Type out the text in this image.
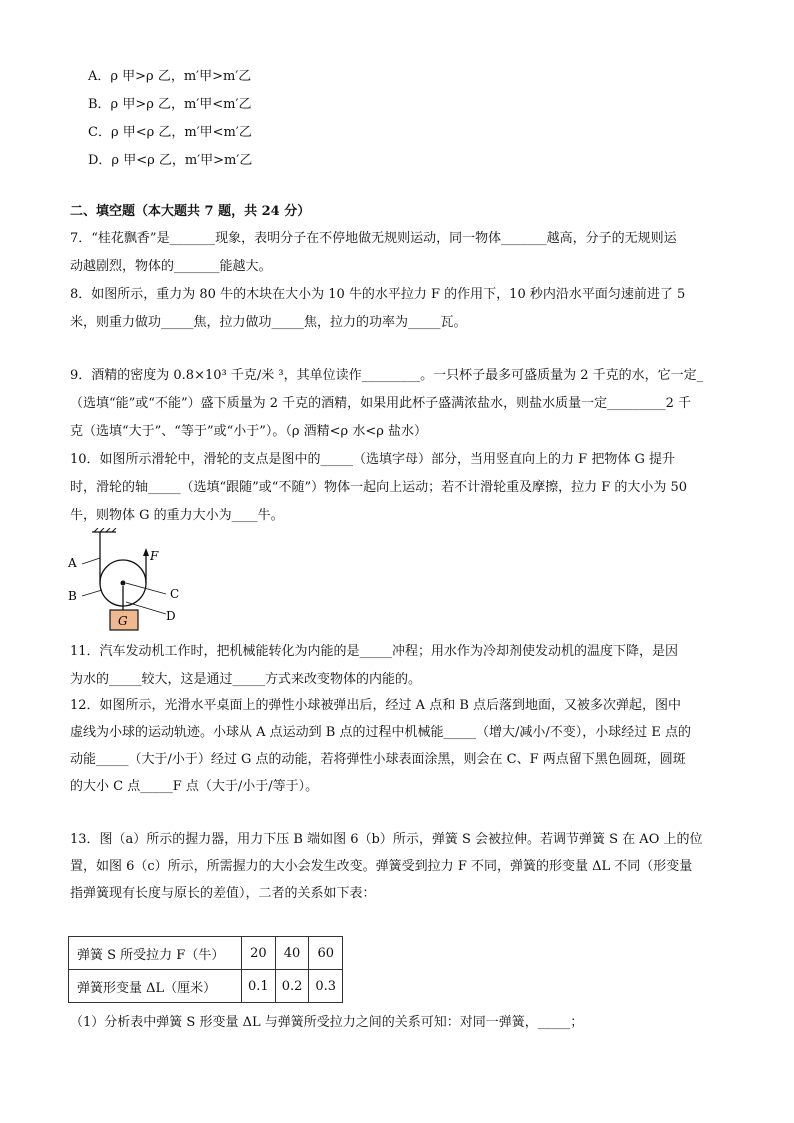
A．ρ 甲>ρ 乙，m′甲>m′乙
B．ρ 甲>ρ 乙，m′甲<m′乙
C．ρ 甲<ρ 乙，m′甲<m′乙
D．ρ 甲<ρ 乙，m′甲>m′乙
二、填空题（本大题共 7 题，共 24 分）
7．“桂花飘香”是_______现象，表明分子在不停地做无规则运动，同一物体_______越高，分子的无规则运
动越剧烈，物体的_______能越大。
8．如图所示，重力为 80 牛的木块在大小为 10 牛的水平拉力 F 的作用下，10 秒内沿水平面匀速前进了 5
米，则重力做功_____焦，拉力做功_____焦，拉力的功率为_____瓦。
9．酒精的密度为 0.8×10³ 千克/米 ³，其单位读作_________。一只杯子最多可盛质量为 2 千克的水，它一定_
（选填“能”或“不能”）盛下质量为 2 千克的酒精，如果用此杯子盛满浓盐水，则盐水质量一定_________2 千
克（选填“大于”、“等于”或“小于”）。（ρ 酒精<ρ 水<ρ 盐水）
10．如图所示滑轮中，滑轮的支点是图中的_____（选填字母）部分，当用竖直向上的力 F 把物体 G 提升
时，滑轮的轴_____（选填“跟随”或“不随”）物体一起向上运动；若不计滑轮重及摩擦，拉力 F 的大小为 50
牛，则物体 G 的重力大小为____牛。
A
B	C
D
F
G
11．汽车发动机工作时，把机械能转化为内能的是_____冲程；用水作为冷却剂使发动机的温度下降，是因
为水的_____较大，这是通过_____方式来改变物体的内能的。
12．如图所示，光滑水平桌面上的弹性小球被弹出后，经过 A 点和 B 点后落到地面，又被多次弹起，图中
虚线为小球的运动轨迹。小球从 A 点运动到 B 点的过程中机械能_____（增大/减小/不变），小球经过 E 点的
动能_____（大于/小于）经过 G 点的动能，若将弹性小球表面涂黑，则会在 C、F 两点留下黑色圆斑，圆斑
的大小 C 点_____F 点（大于/小于/等于）。
13．图（a）所示的握力器，用力下压 B 端如图 6（b）所示，弹簧 S 会被拉伸。若调节弹簧 S 在 AO 上的位
置，如图 6（c）所示，所需握力的大小会发生改变。弹簧受到拉力 F 不同，弹簧的形变量 ΔL 不同（形变量
指弹簧现有长度与原长的差值），二者的关系如下表：
弹簧 S 所受拉力 F（牛）	20	40	60
弹簧形变量 ΔL（厘米）	0.1	0.2	0.3
（1）分析表中弹簧 S 形变量 ΔL 与弹簧所受拉力之间的关系可知：对同一弹簧，_____；
